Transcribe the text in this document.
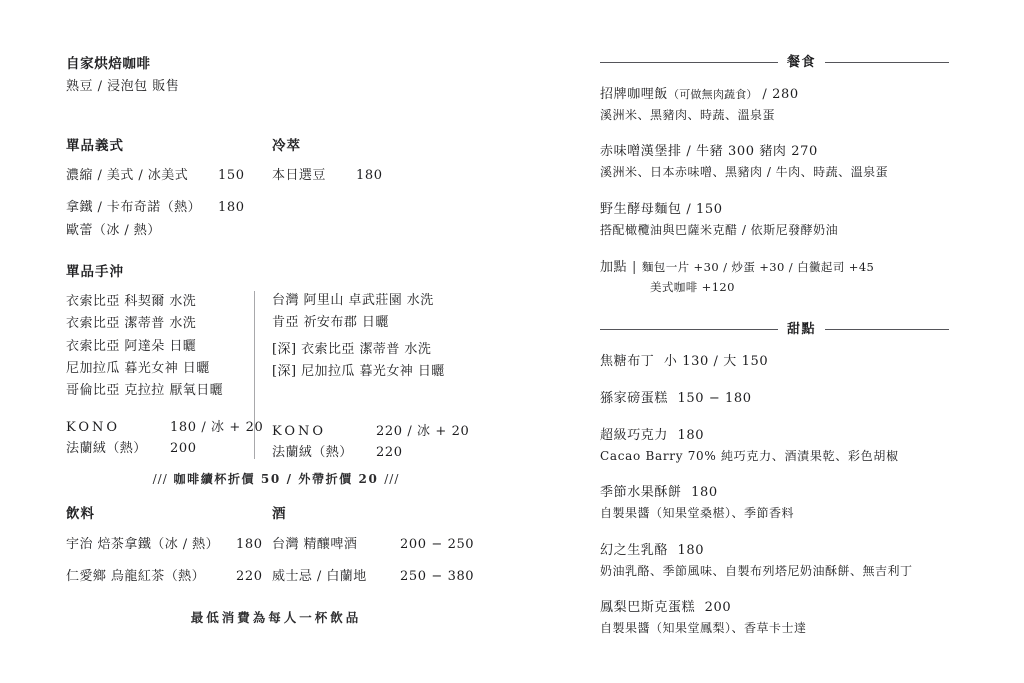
自家烘焙咖啡
熟豆 / 浸泡包 販售
單品義式
濃縮 / 美式 / 冰美式	150
拿鐵 / 卡布奇諾（熱）	180
歐蕾（冰 / 熱）
冷萃
本日選豆	180
單品手沖
衣索比亞 科契爾 水洗
衣索比亞 潔蒂普 水洗
衣索比亞 阿達朵 日曬
尼加拉瓜 暮光女神 日曬
哥倫比亞 克拉拉 厭氧日曬
KONO	180 / 冰 + 20
法蘭絨（熱）	200
台灣 阿里山 卓武莊園 水洗
肯亞 祈安布郡 日曬
[深] 衣索比亞 潔蒂普 水洗
[深] 尼加拉瓜 暮光女神 日曬
KONO	220 / 冰 + 20
法蘭絨（熱）	220
/// 咖啡續杯折價 50 / 外帶折價 20 ///
飲料
宇治 焙茶拿鐵（冰 / 熱）	180
仁愛鄉 烏龍紅茶（熱）	220
酒
台灣 精釀啤酒	200 − 250
威士忌 / 白蘭地	250 − 380
最低消費為每人一杯飲品
餐食
招牌咖哩飯（可做無肉蔬食） / 280
溪洲米、黑豬肉、時蔬、溫泉蛋
赤味噌漢堡排 / 牛豬 300 豬肉 270
溪洲米、日本赤味噌、黑豬肉 / 牛肉、時蔬、溫泉蛋
野生酵母麵包 / 150
搭配橄欖油與巴薩米克醋 / 依斯尼發酵奶油
加點 | 麵包一片 +30 / 炒蛋 +30 / 白黴起司 +45
美式咖啡 +120
甜點
焦糖布丁 小 130 / 大 150
猻家磅蛋糕 150 − 180
超級巧克力 180
Cacao Barry 70% 純巧克力、酒漬果乾、彩色胡椒
季節水果酥餅 180
自製果醬（知果堂桑椹）、季節香料
幻之生乳酪 180
奶油乳酪、季節風味、自製布列塔尼奶油酥餅、無吉利丁
鳳梨巴斯克蛋糕 200
自製果醬（知果堂鳳梨）、香草卡士達
